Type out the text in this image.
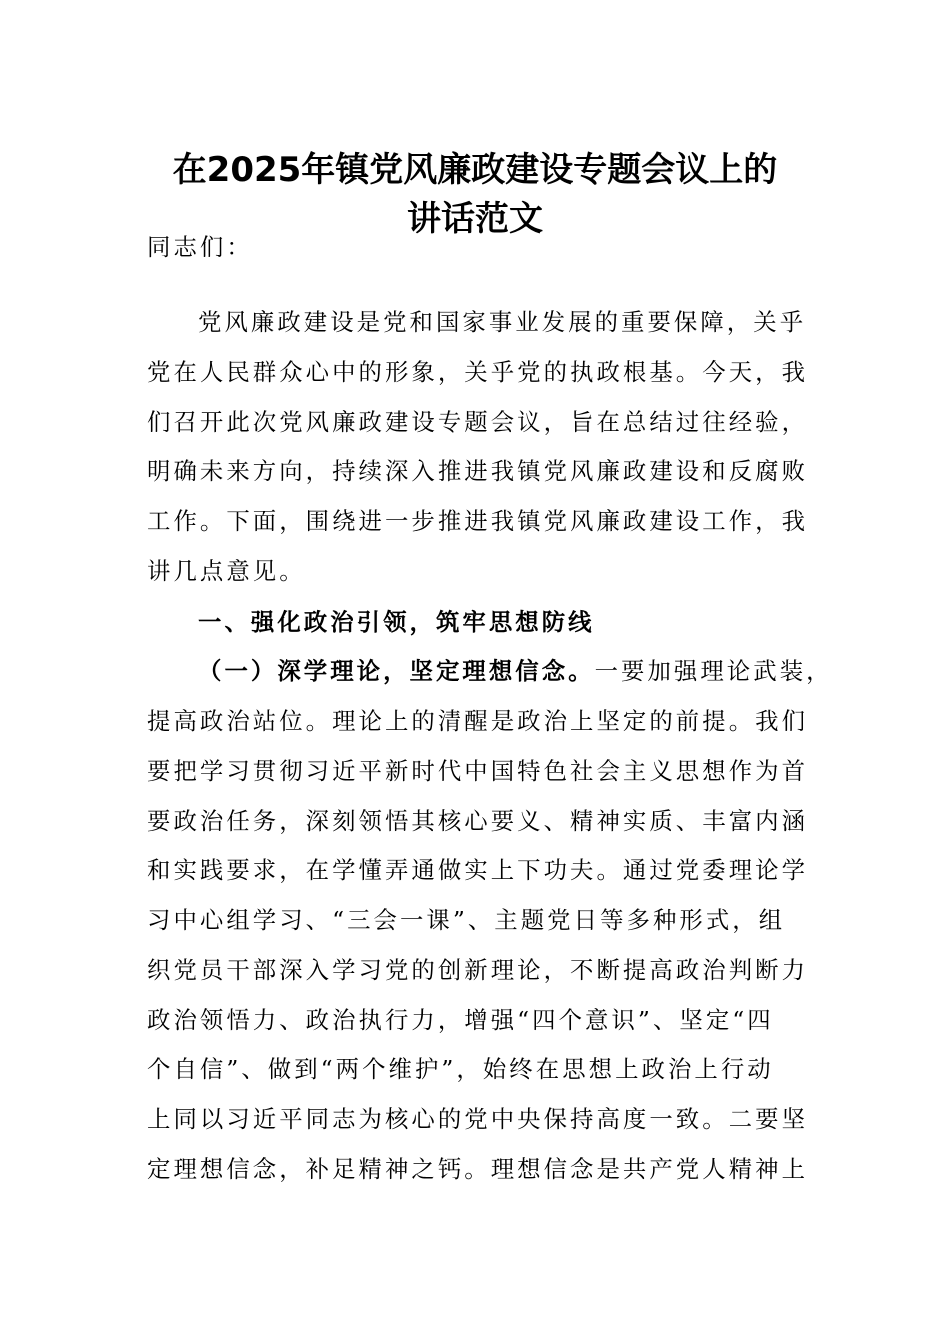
在2025年镇党风廉政建设专题会议上的
讲话范文
同志们：
党风廉政建设是党和国家事业发展的重要保障，关乎
党在人民群众心中的形象，关乎党的执政根基。今天，我
们召开此次党风廉政建设专题会议，旨在总结过往经验，
明确未来方向，持续深入推进我镇党风廉政建设和反腐败
工作。下面，围绕进一步推进我镇党风廉政建设工作，我
讲几点意见。
一、强化政治引领，筑牢思想防线
（一）深学理论，坚定理想信念。一要加强理论武装，
提高政治站位。理论上的清醒是政治上坚定的前提。我们
要把学习贯彻习近平新时代中国特色社会主义思想作为首
要政治任务，深刻领悟其核心要义、精神实质、丰富内涵
和实践要求，在学懂弄通做实上下功夫。通过党委理论学
习中心组学习、“三会一课”、主题党日等多种形式，组
织党员干部深入学习党的创新理论，不断提高政治判断力
政治领悟力、政治执行力，增强“四个意识”、坚定“四
个自信”、做到“两个维护”，始终在思想上政治上行动
上同以习近平同志为核心的党中央保持高度一致。二要坚
定理想信念，补足精神之钙。理想信念是共产党人精神上
